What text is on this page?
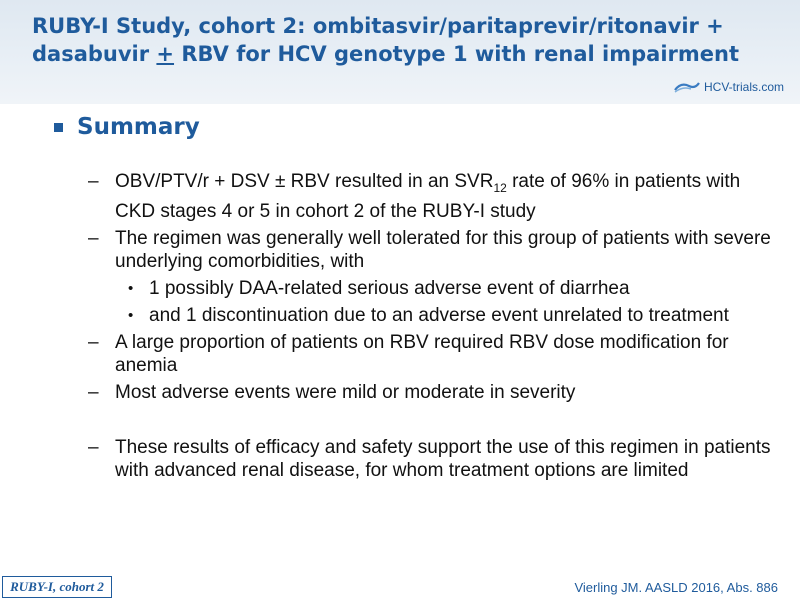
RUBY-I Study, cohort 2: ombitasvir/paritaprevir/ritonavir +
dasabuvir + RBV for HCV genotype 1 with renal impairment
HCV-trials.com
Summary
– OBV/PTV/r + DSV ± RBV resulted in an $SVR_{12}$ rate of 96% in patients with CKD stages 4 or 5 in cohort 2 of the RUBY-I study
– The regimen was generally well tolerated for this group of patients with severe underlying comorbidities, with
• 1 possibly DAA-related serious adverse event of diarrhea
• and 1 discontinuation due to an adverse event unrelated to treatment
– A large proportion of patients on RBV required RBV dose modification for anemia
– Most adverse events were mild or moderate in severity
– These results of efficacy and safety support the use of this regimen in patients with advanced renal disease, for whom treatment options are limited
RUBY-I, cohort 2	Vierling JM. AASLD 2016, Abs. 886
